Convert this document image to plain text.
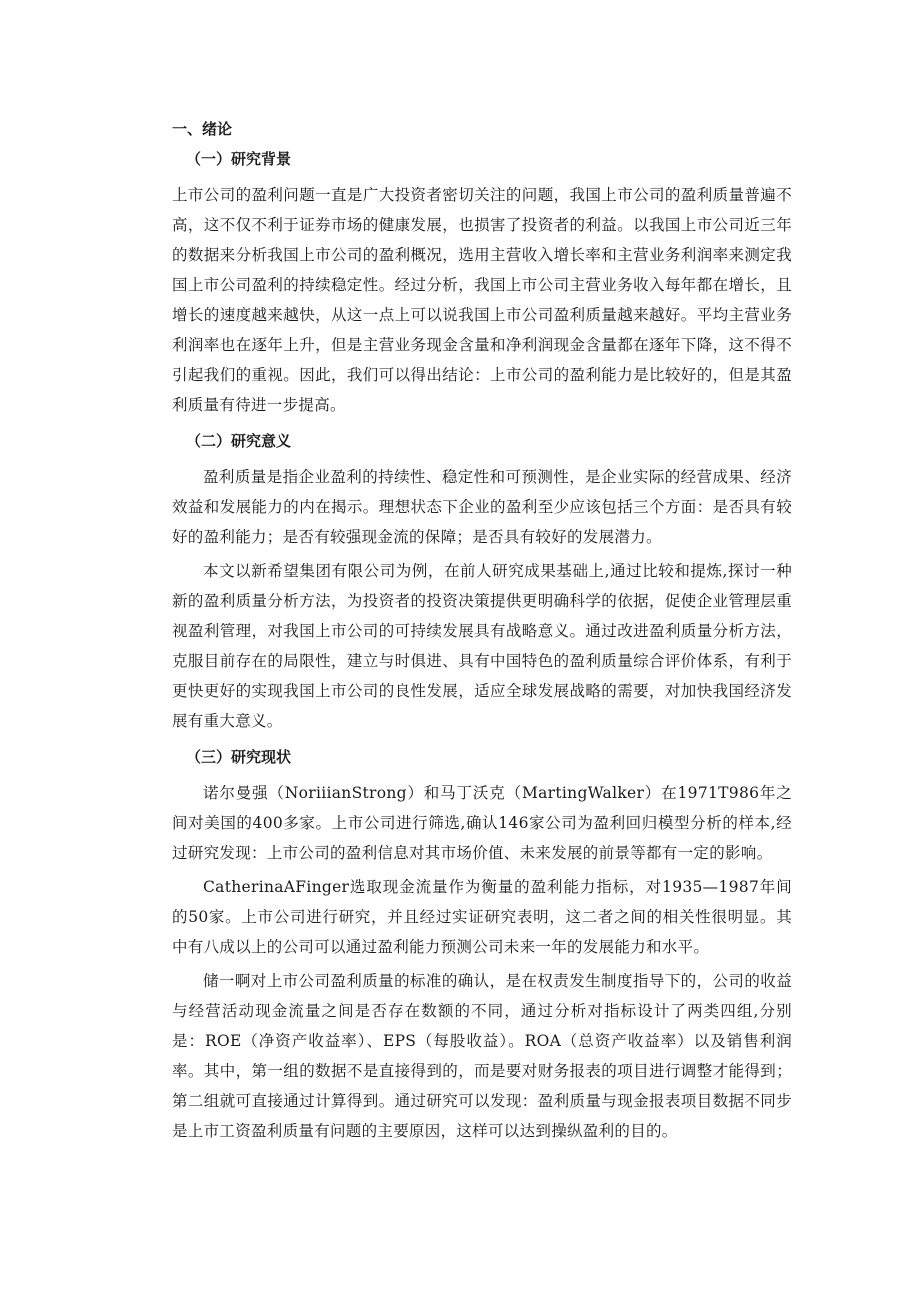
一、绪论
（一）研究背景

上市公司的盈利问题一直是广大投资者密切关注的问题，我国上市公司的盈利质量普遍不高，这不仅不利于证券市场的健康发展，也损害了投资者的利益。以我国上市公司近三年的数据来分析我国上市公司的盈利概况，选用主营收入增长率和主营业务利润率来测定我国上市公司盈利的持续稳定性。经过分析，我国上市公司主营业务收入每年都在增长，且增长的速度越来越快，从这一点上可以说我国上市公司盈利质量越来越好。平均主营业务利润率也在逐年上升，但是主营业务现金含量和净利润现金含量都在逐年下降，这不得不引起我们的重视。因此，我们可以得出结论：上市公司的盈利能力是比较好的，但是其盈利质量有待进一步提高。

（二）研究意义

盈利质量是指企业盈利的持续性、稳定性和可预测性，是企业实际的经营成果、经济效益和发展能力的内在揭示。理想状态下企业的盈利至少应该包括三个方面：是否具有较好的盈利能力；是否有较强现金流的保障；是否具有较好的发展潜力。

本文以新希望集团有限公司为例，在前人研究成果基础上,通过比较和提炼,探讨一种新的盈利质量分析方法，为投资者的投资决策提供更明确科学的依据，促使企业管理层重视盈利管理，对我国上市公司的可持续发展具有战略意义。通过改进盈利质量分析方法，克服目前存在的局限性，建立与时俱进、具有中国特色的盈利质量综合评价体系，有利于更快更好的实现我国上市公司的良性发展，适应全球发展战略的需要，对加快我国经济发展有重大意义。

（三）研究现状

诺尔曼强（NoriiianStrong）和马丁沃克（MartingWalker）在1971T986年之间对美国的400多家。上市公司进行筛选,确认146家公司为盈利回归模型分析的样本,经过研究发现：上市公司的盈利信息对其市场价值、未来发展的前景等都有一定的影响。

CatherinaAFinger选取现金流量作为衡量的盈利能力指标，对1935—1987年间的50家。上市公司进行研究，并且经过实证研究表明，这二者之间的相关性很明显。其中有八成以上的公司可以通过盈利能力预测公司未来一年的发展能力和水平。

储一啊对上市公司盈利质量的标准的确认，是在权责发生制度指导下的，公司的收益与经营活动现金流量之间是否存在数额的不同，通过分析对指标设计了两类四组,分别是：ROE（净资产收益率）、EPS（每股收益）。ROA（总资产收益率）以及销售利润率。其中，第一组的数据不是直接得到的，而是要对财务报表的项目进行调整才能得到；第二组就可直接通过计算得到。通过研究可以发现：盈利质量与现金报表项目数据不同步是上市工资盈利质量有问题的主要原因，这样可以达到操纵盈利的目的。
